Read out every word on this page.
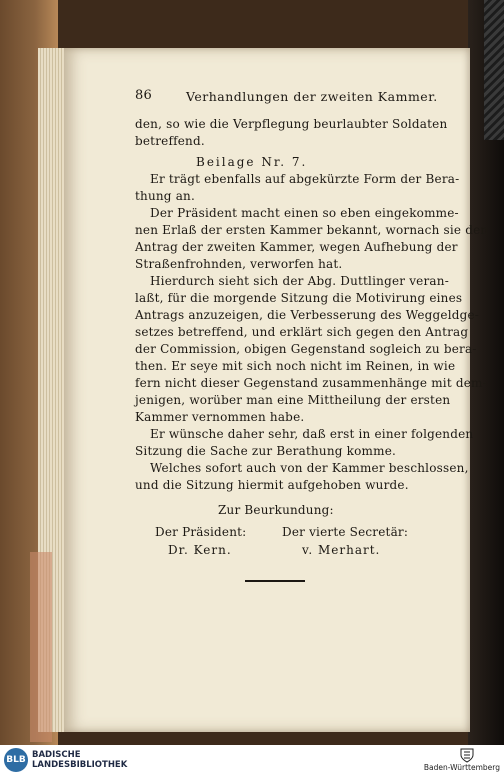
86	Verhandlungen der zweiten Kammer.
den, so wie die Verpflegung beurlaubter Soldaten
betreffend.
Beilage Nr. 7.
Er trägt ebenfalls auf abgekürzte Form der Bera-
thung an.
Der Präsident macht einen so eben eingekomme-
nen Erlaß der ersten Kammer bekannt, wornach sie den
Antrag der zweiten Kammer, wegen Aufhebung der
Straßenfrohnden, verworfen hat.
Hierdurch sieht sich der Abg. Duttlinger veran-
laßt, für die morgende Sitzung die Motivirung eines
Antrags anzuzeigen, die Verbesserung des Weggeldge-
setzes betreffend, und erklärt sich gegen den Antrag
der Commission, obigen Gegenstand sogleich zu bera-
then. Er seye mit sich noch nicht im Reinen, in wie
fern nicht dieser Gegenstand zusammenhänge mit dem-
jenigen, worüber man eine Mittheilung der ersten
Kammer vernommen habe.
Er wünsche daher sehr, daß erst in einer folgenden
Sitzung die Sache zur Berathung komme.
Welches sofort auch von der Kammer beschlossen,
und die Sitzung hiermit aufgehoben wurde.
Zur Beurkundung:
Der Präsident:	Der vierte Secretär:
Dr. Kern.	v. Merhart.
BLB BADISCHE
LANDESBIBLIOTHEK	Baden-Württemberg
